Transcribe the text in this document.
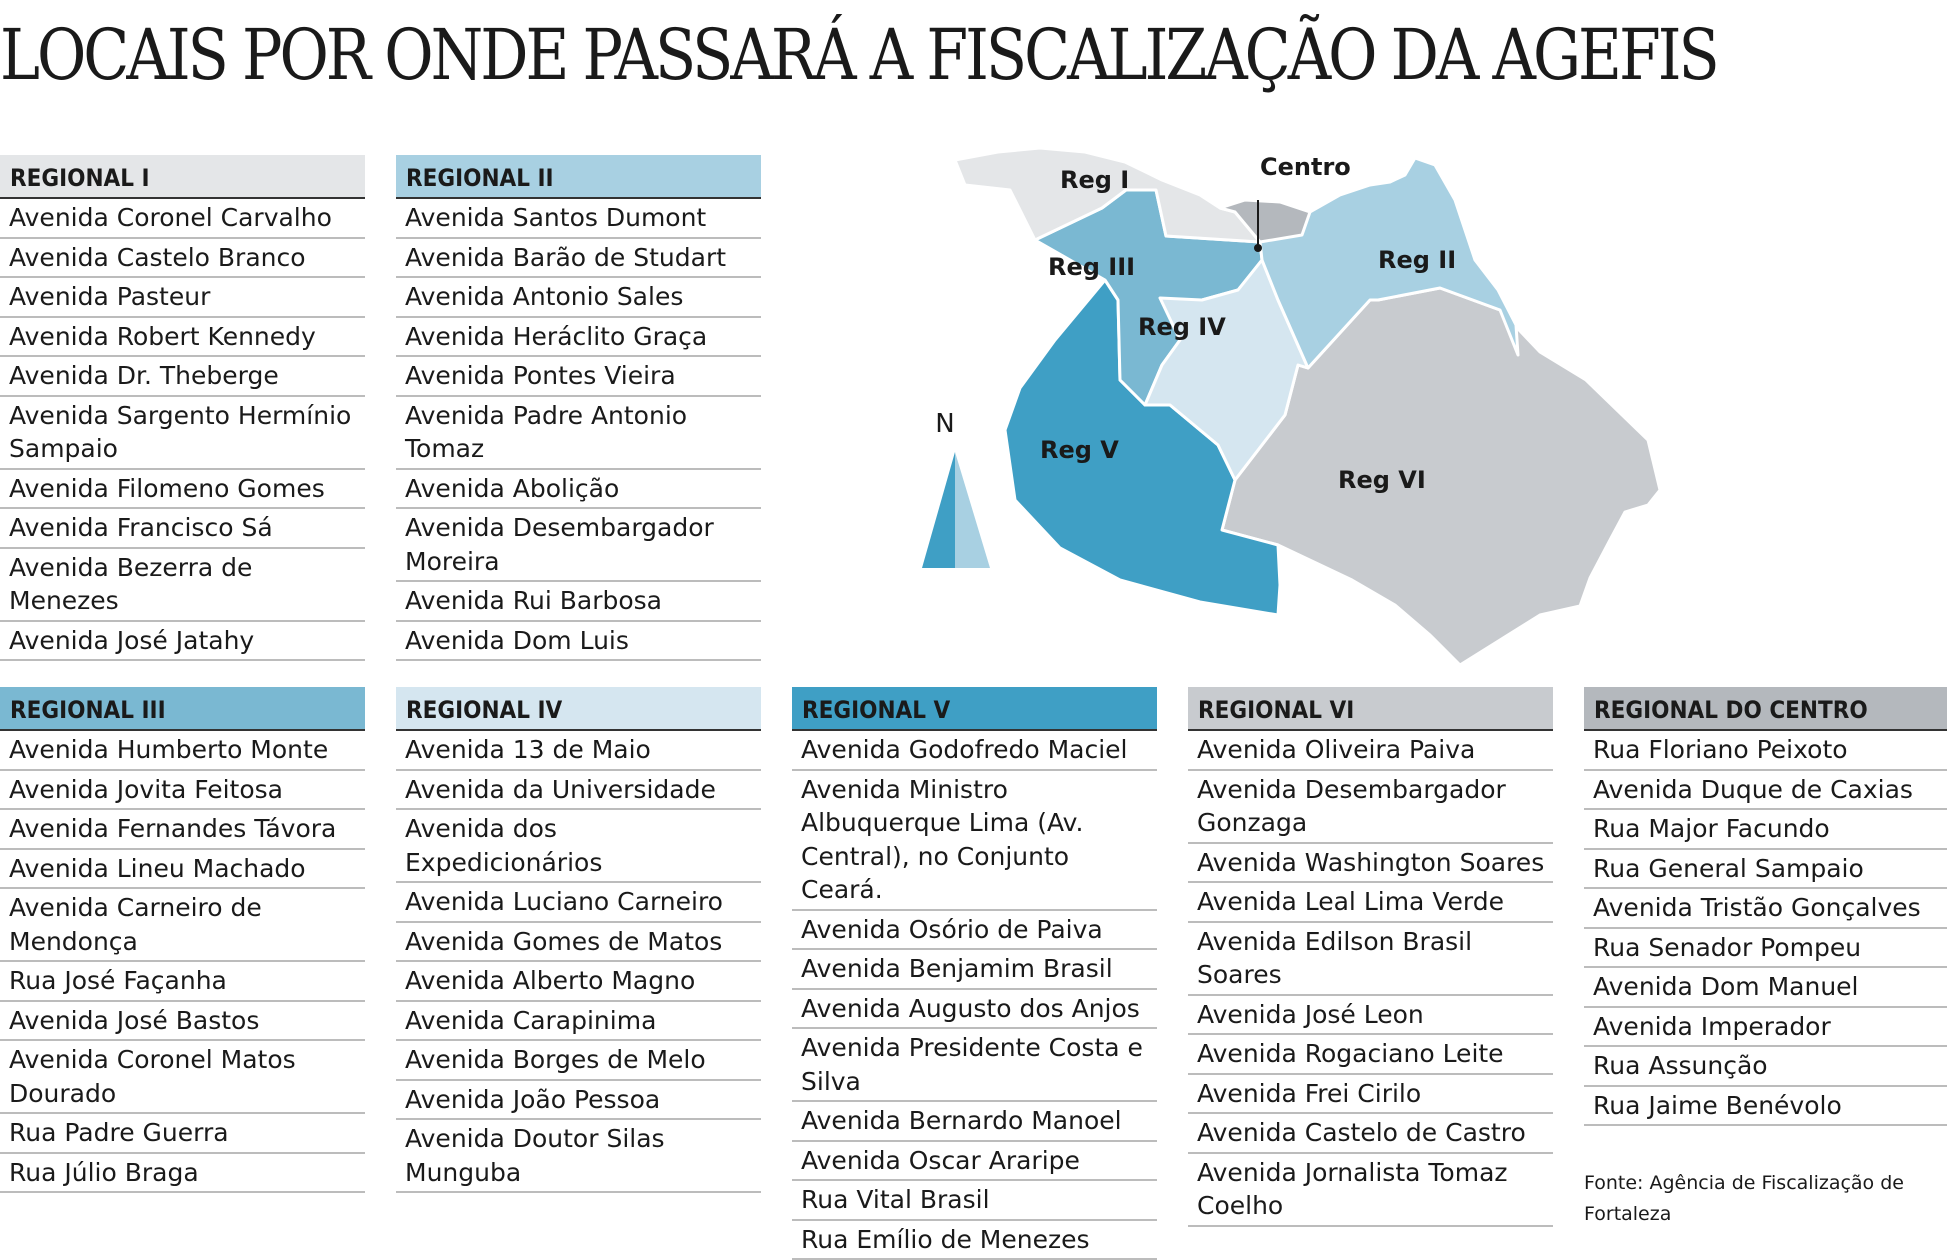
LOCAIS POR ONDE PASSARÁ A FISCALIZAÇÃO DA AGEFIS
REGIONAL I
Avenida Coronel Carvalho
Avenida Castelo Branco
Avenida Pasteur
Avenida Robert Kennedy
Avenida Dr. Theberge
Avenida Sargento Hermínio Sampaio
Avenida Filomeno Gomes
Avenida Francisco Sá
Avenida Bezerra de Menezes
Avenida José Jatahy
REGIONAL II
Avenida Santos Dumont
Avenida Barão de Studart
Avenida Antonio Sales
Avenida Heráclito Graça
Avenida Pontes Vieira
Avenida Padre Antonio Tomaz
Avenida Abolição
Avenida Desembargador Moreira
Avenida Rui Barbosa
Avenida Dom Luis
REGIONAL III
Avenida Humberto Monte
Avenida Jovita Feitosa
Avenida Fernandes Távora
Avenida Lineu Machado
Avenida Carneiro de Mendonça
Rua José Façanha
Avenida José Bastos
Avenida Coronel Matos Dourado
Rua Padre Guerra
Rua Júlio Braga
REGIONAL IV
Avenida 13 de Maio
Avenida da Universidade
Avenida dos Expedicionários
Avenida Luciano Carneiro
Avenida Gomes de Matos
Avenida Alberto Magno
Avenida Carapinima
Avenida Borges de Melo
Avenida João Pessoa
Avenida Doutor Silas Munguba
REGIONAL V
Avenida Godofredo Maciel
Avenida Ministro Albuquerque Lima (Av. Central), no Conjunto Ceará.
Avenida Osório de Paiva
Avenida Benjamim Brasil
Avenida Augusto dos Anjos
Avenida Presidente Costa e Silva
Avenida Bernardo Manoel
Avenida Oscar Araripe
Rua Vital Brasil
Rua Emílio de Menezes
REGIONAL VI
Avenida Oliveira Paiva
Avenida Desembargador Gonzaga
Avenida Washington Soares
Avenida Leal Lima Verde
Avenida Edilson Brasil Soares
Avenida José Leon
Avenida Rogaciano Leite
Avenida Frei Cirilo
Avenida Castelo de Castro
Avenida Jornalista Tomaz Coelho
REGIONAL DO CENTRO
Rua Floriano Peixoto
Avenida Duque de Caxias
Rua Major Facundo
Rua General Sampaio
Avenida Tristão Gonçalves
Rua Senador Pompeu
Avenida Dom Manuel
Avenida Imperador
Rua Assunção
Rua Jaime Benévolo
Fonte: Agência de Fiscalização de Fortaleza
Reg I	Centro
Reg III	Reg II
Reg IV
Reg V
Reg VI
N
